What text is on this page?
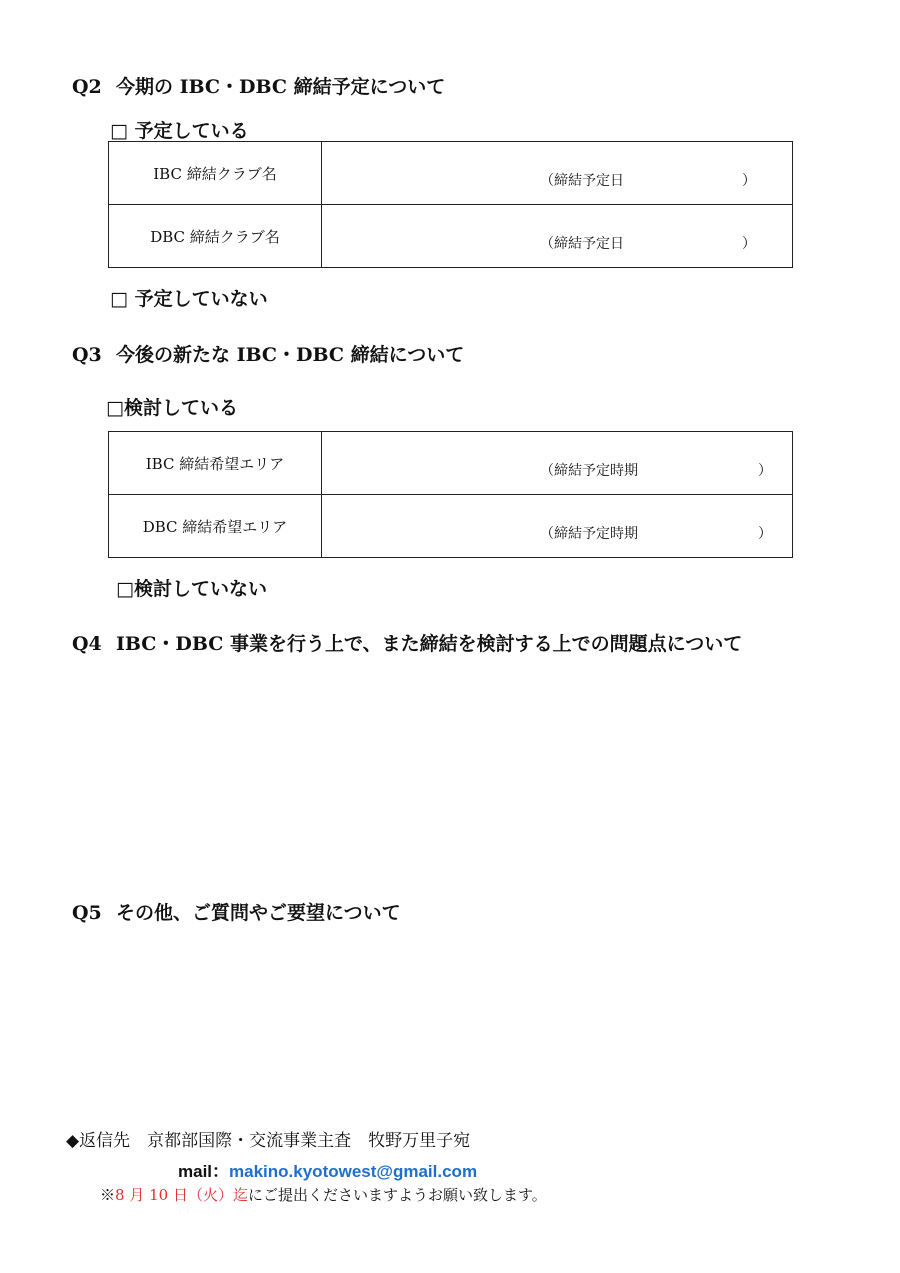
Q2 今期の IBC・DBC 締結予定について
□ 予定している
IBC 締結クラブ名	（締結予定日 ）

DBC 締結クラブ名	（締結予定日 ）
□ 予定していない
Q3 今後の新たな IBC・DBC 締結について
□検討している
IBC 締結希望エリア	（締結予定時期 ）

DBC 締結希望エリア	（締結予定時期 ）
□検討していない
Q4 IBC・DBC 事業を行う上で、また締結を検討する上での問題点について
Q5 その他、ご質問やご要望について
◆返信先　京都部国際・交流事業主査　牧野万里子宛
mail：makino.kyotowest@gmail.com
※8 月 10 日（火）迄にご提出くださいますようお願い致します。
